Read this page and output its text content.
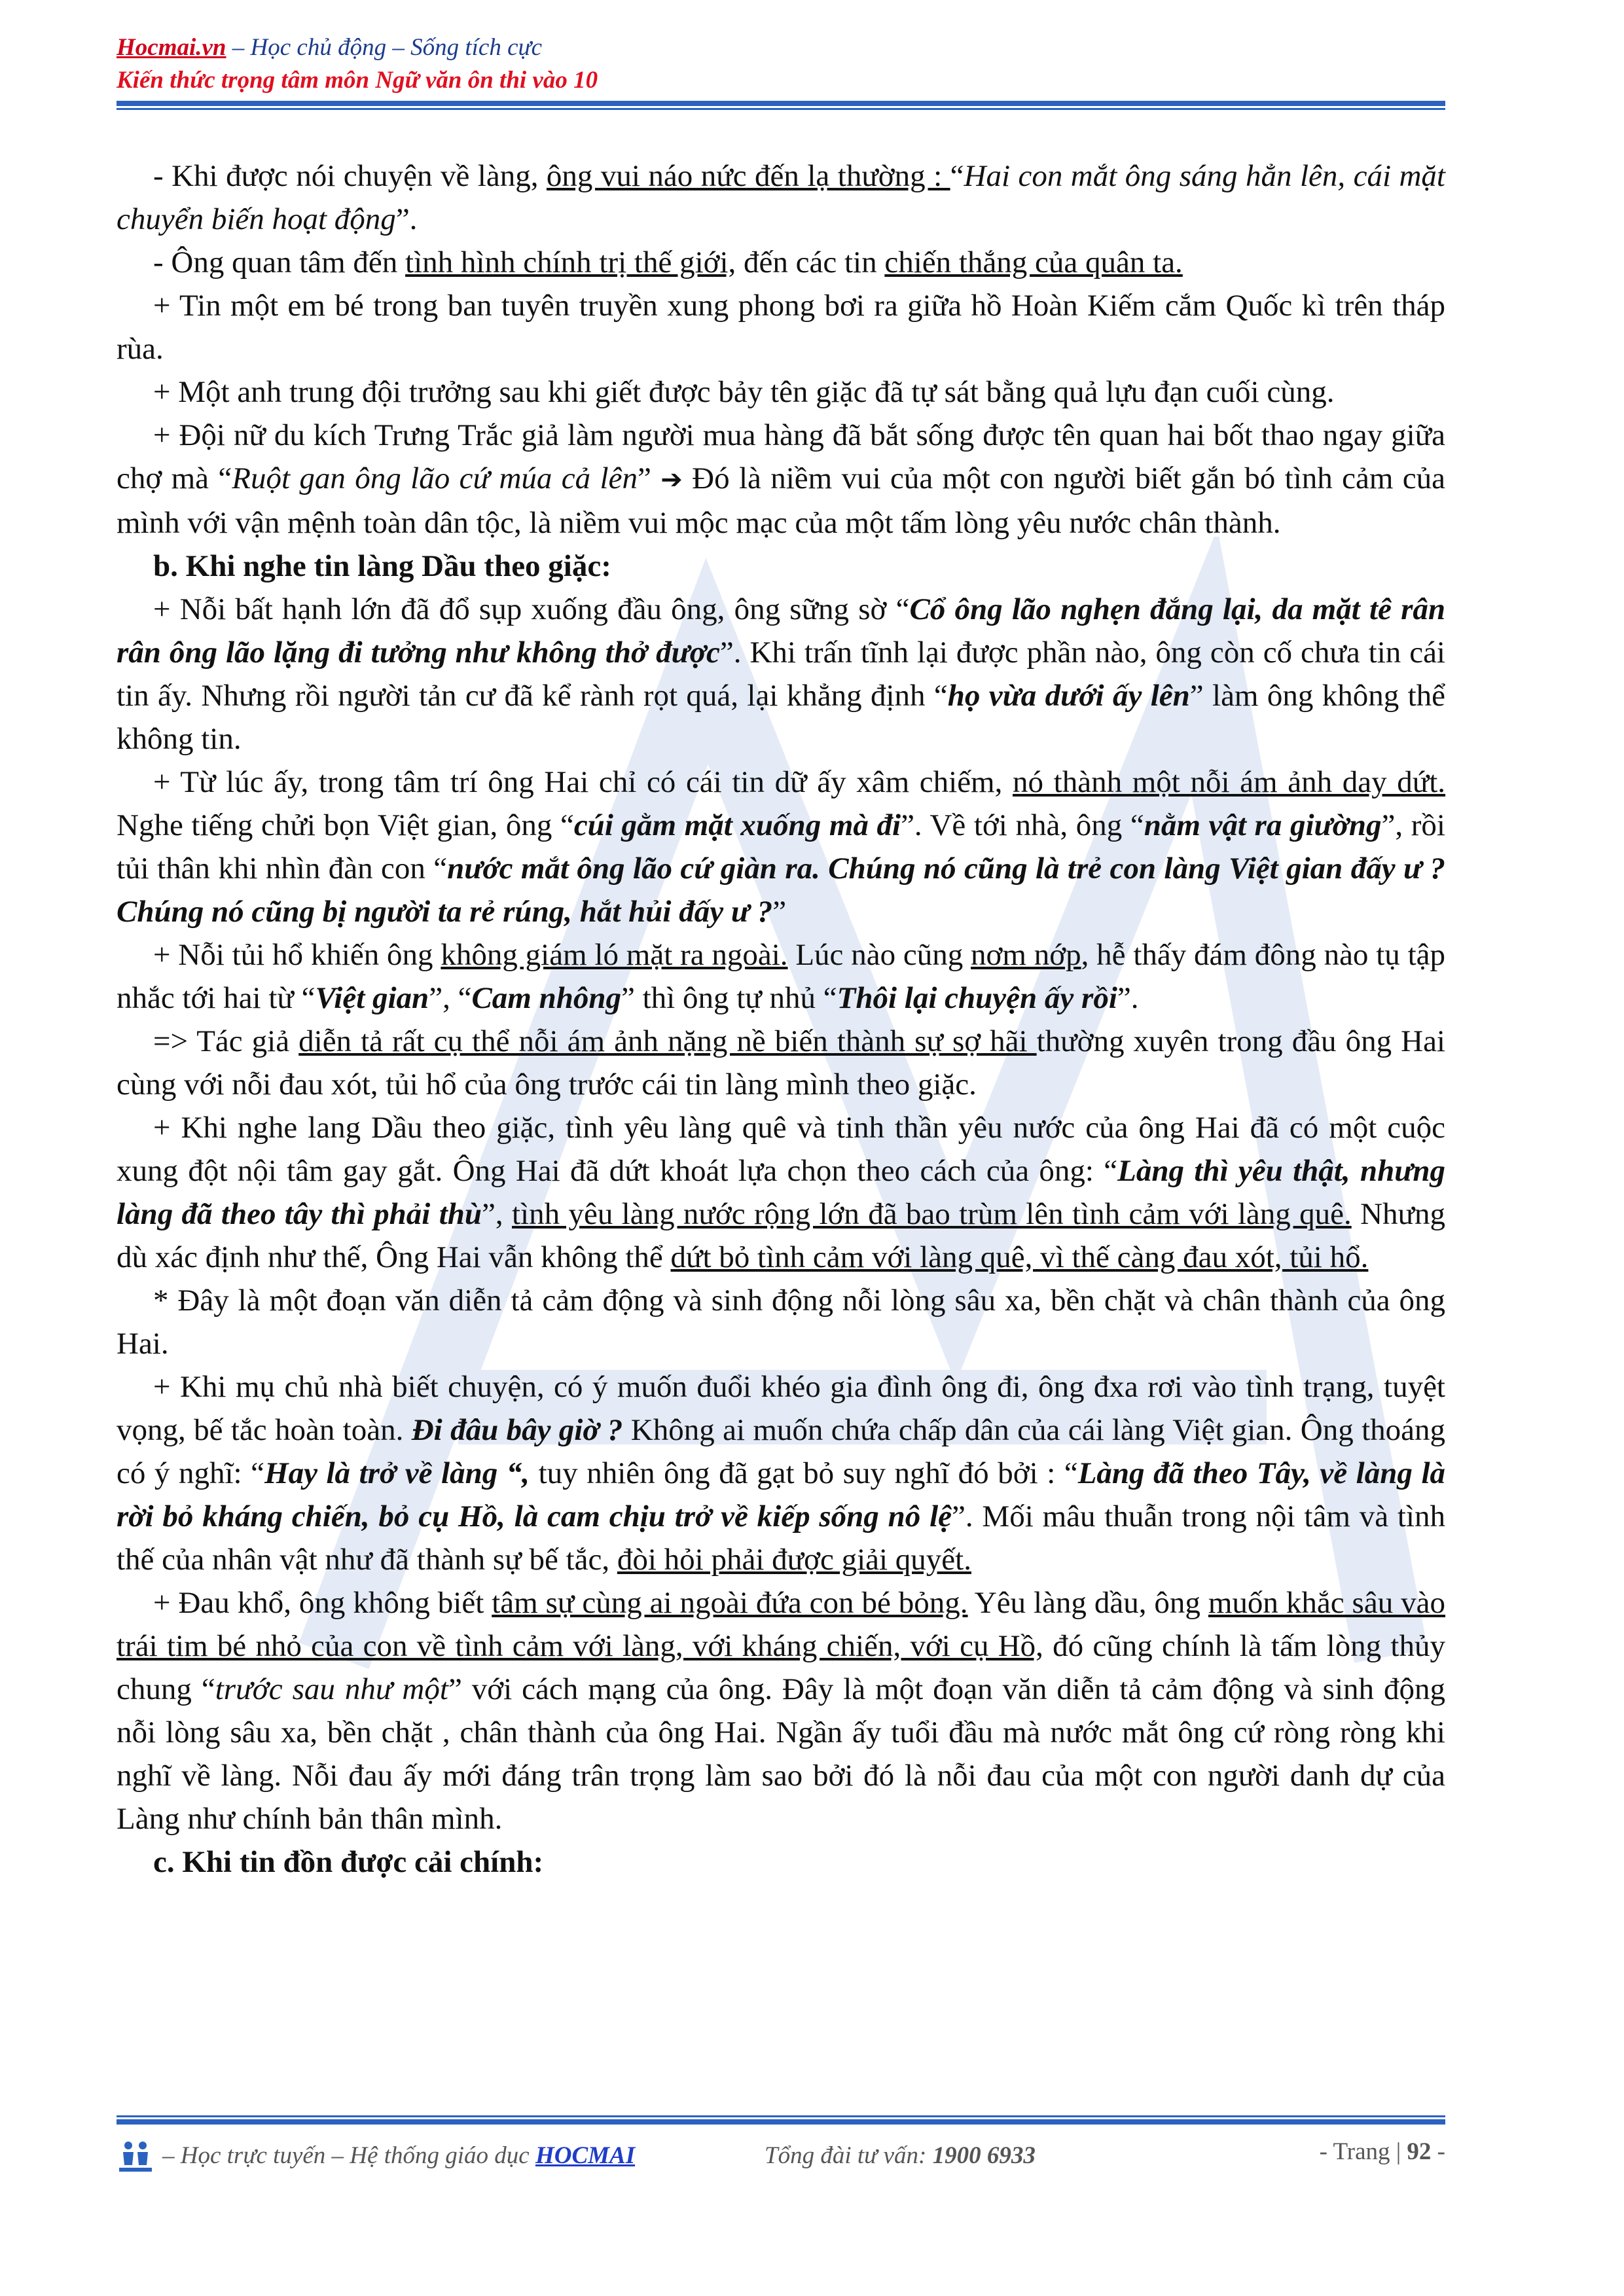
Hocmai.vn – Học chủ động – Sống tích cực
Kiến thức trọng tâm môn Ngữ văn ôn thi vào 10

- Khi được nói chuyện về làng, ông vui náo nức đến lạ thường : “Hai con mắt ông sáng hẳn lên, cái mặt chuyển biến hoạt động”.

- Ông quan tâm đến tình hình chính trị thế giới, đến các tin chiến thắng của quân ta.

+ Tin một em bé trong ban tuyên truyền xung phong bơi ra giữa hồ Hoàn Kiếm cắm Quốc kì trên tháp rùa.

+ Một anh trung đội trưởng sau khi giết được bảy tên giặc đã tự sát bằng quả lựu đạn cuối cùng.

+ Đội nữ du kích Trưng Trắc giả làm người mua hàng đã bắt sống được tên quan hai bốt thao ngay giữa chợ mà “Ruột gan ông lão cứ múa cả lên” ➔ Đó là niềm vui của một con người biết gắn bó tình cảm của mình với vận mệnh toàn dân tộc, là niềm vui mộc mạc của một tấm lòng yêu nước chân thành.

b. Khi nghe tin làng Dầu theo giặc:

+ Nỗi bất hạnh lớn đã đổ sụp xuống đầu ông, ông sững sờ “Cổ ông lão nghẹn đắng lại, da mặt tê rân rân ông lão lặng đi tưởng như không thở được”. Khi trấn tĩnh lại được phần nào, ông còn cố chưa tin cái tin ấy. Nhưng rồi người tản cư đã kể rành rọt quá, lại khẳng định “họ vừa dưới ấy lên” làm ông không thể không tin.

+ Từ lúc ấy, trong tâm trí ông Hai chỉ có cái tin dữ ấy xâm chiếm, nó thành một nỗi ám ảnh day dứt. Nghe tiếng chửi bọn Việt gian, ông “cúi gằm mặt xuống mà đi”. Về tới nhà, ông “nằm vật ra giường”, rồi tủi thân khi nhìn đàn con “nước mắt ông lão cứ giàn ra. Chúng nó cũng là trẻ con làng Việt gian đấy ư ? Chúng nó cũng bị người ta rẻ rúng, hắt hủi đấy ư ?”

+ Nỗi tủi hổ khiến ông không giám ló mặt ra ngoài. Lúc nào cũng nơm nớp, hễ thấy đám đông nào tụ tập nhắc tới hai từ “Việt gian”, “Cam nhông” thì ông tự nhủ “Thôi lại chuyện ấy rồi”.

=> Tác giả diễn tả rất cụ thể nỗi ám ảnh nặng nề biến thành sự sợ hãi thường xuyên trong đầu ông Hai cùng với nỗi đau xót, tủi hổ của ông trước cái tin làng mình theo giặc.

+ Khi nghe lang Dầu theo giặc, tình yêu làng quê và tinh thần yêu nước của ông Hai đã có một cuộc xung đột nội tâm gay gắt. Ông Hai đã dứt khoát lựa chọn theo cách của ông: “Làng thì yêu thật, nhưng làng đã theo tây thì phải thù”, tình yêu làng nước rộng lớn đã bao trùm lên tình cảm với làng quê. Nhưng dù xác định như thế, Ông Hai vẫn không thể dứt bỏ tình cảm với làng quê, vì thế càng đau xót, tủi hổ.

* Đây là một đoạn văn diễn tả cảm động và sinh động nỗi lòng sâu xa, bền chặt và chân thành của ông Hai.

+ Khi mụ chủ nhà biết chuyện, có ý muốn đuổi khéo gia đình ông đi, ông đxa rơi vào tình trạng, tuyệt vọng, bế tắc hoàn toàn. Đi đâu bây giờ ? Không ai muốn chứa chấp dân của cái làng Việt gian. Ông thoáng có ý nghĩ: “Hay là trở về làng “, tuy nhiên ông đã gạt bỏ suy nghĩ đó bởi : “Làng đã theo Tây, về làng là rời bỏ kháng chiến, bỏ cụ Hồ, là cam chịu trở về kiếp sống nô lệ”. Mối mâu thuẫn trong nội tâm và tình thế của nhân vật như đã thành sự bế tắc, đòi hỏi phải được giải quyết.

+ Đau khổ, ông không biết tâm sự cùng ai ngoài đứa con bé bỏng. Yêu làng dầu, ông muốn khắc sâu vào trái tim bé nhỏ của con về tình cảm với làng, với kháng chiến, với cụ Hồ, đó cũng chính là tấm lòng thủy chung “trước sau như một” với cách mạng của ông. Đây là một đoạn văn diễn tả cảm động và sinh động nỗi lòng sâu xa, bền chặt , chân thành của ông Hai. Ngần ấy tuổi đầu mà nước mắt ông cứ ròng ròng khi nghĩ về làng. Nỗi đau ấy mới đáng trân trọng làm sao bởi đó là nỗi đau của một con người danh dự của Làng như chính bản thân mình.

c. Khi tin đồn được cải chính:

– Học trực tuyến – Hệ thống giáo dục HOCMAI	Tổng đài tư vấn: 1900 6933	- Trang | 92 -
